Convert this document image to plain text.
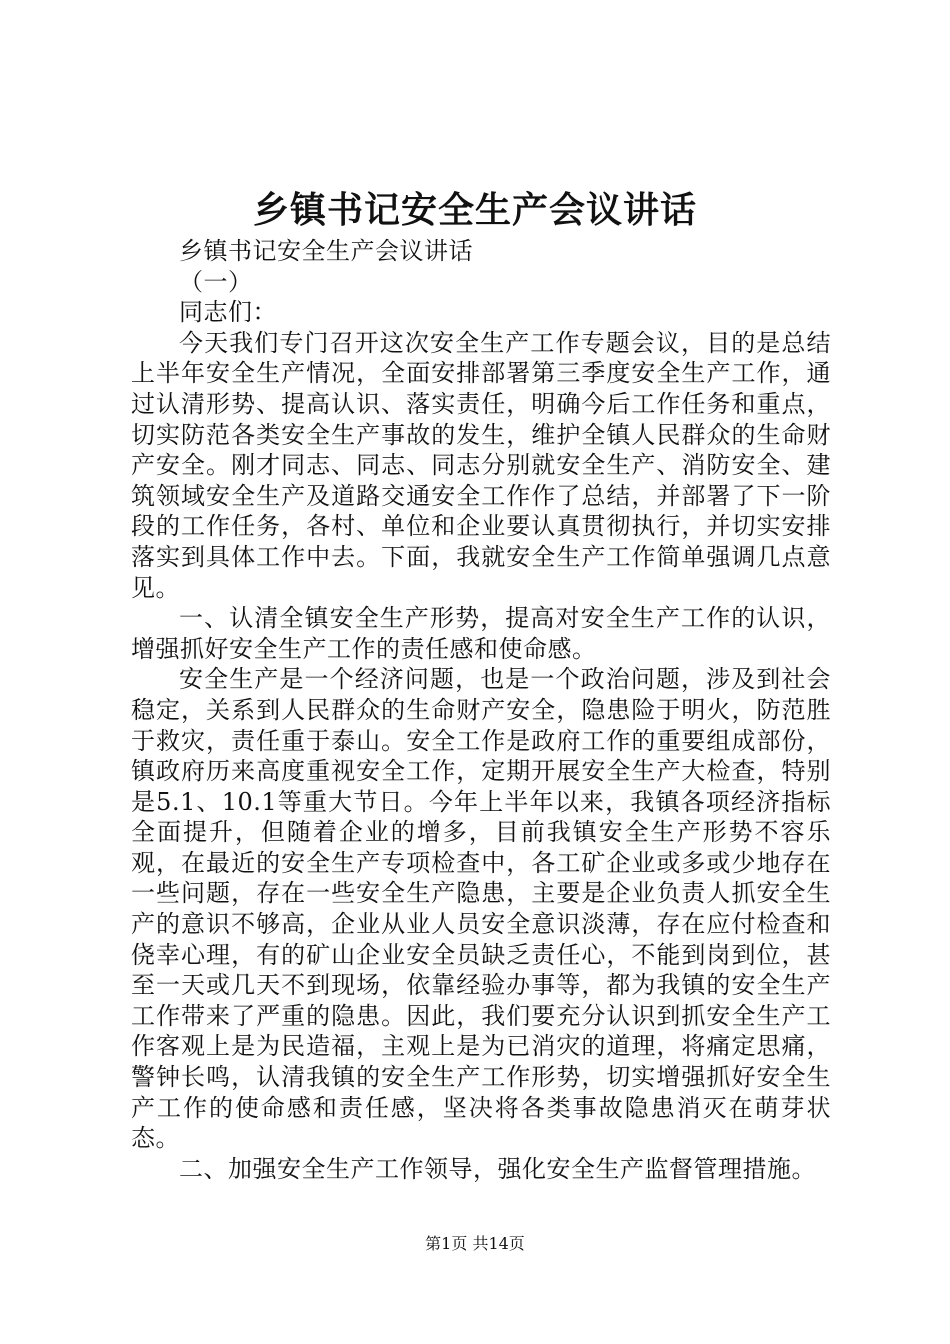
乡镇书记安全生产会议讲话

乡镇书记安全生产会议讲话

（一）

同志们：

今天我们专门召开这次安全生产工作专题会议，目的是总结上半年安全生产情况，全面安排部署第三季度安全生产工作，通过认清形势、提高认识、落实责任，明确今后工作任务和重点，切实防范各类安全生产事故的发生，维护全镇人民群众的生命财产安全。刚才同志、同志、同志分别就安全生产、消防安全、建筑领域安全生产及道路交通安全工作作了总结，并部署了下一阶段的工作任务，各村、单位和企业要认真贯彻执行，并切实安排落实到具体工作中去。下面，我就安全生产工作简单强调几点意见。

一、认清全镇安全生产形势，提高对安全生产工作的认识，增强抓好安全生产工作的责任感和使命感。

安全生产是一个经济问题，也是一个政治问题，涉及到社会稳定，关系到人民群众的生命财产安全，隐患险于明火，防范胜于救灾，责任重于泰山。安全工作是政府工作的重要组成部份，镇政府历来高度重视安全工作，定期开展安全生产大检查，特别是5.1、10.1等重大节日。今年上半年以来，我镇各项经济指标全面提升，但随着企业的增多，目前我镇安全生产形势不容乐观，在最近的安全生产专项检查中，各工矿企业或多或少地存在一些问题，存在一些安全生产隐患，主要是企业负责人抓安全生产的意识不够高，企业从业人员安全意识淡薄，存在应付检查和侥幸心理，有的矿山企业安全员缺乏责任心，不能到岗到位，甚至一天或几天不到现场，依靠经验办事等，都为我镇的安全生产工作带来了严重的隐患。因此，我们要充分认识到抓安全生产工作客观上是为民造福，主观上是为已消灾的道理，将痛定思痛，警钟长鸣，认清我镇的安全生产工作形势，切实增强抓好安全生产工作的使命感和责任感，坚决将各类事故隐患消灭在萌芽状态。

二、加强安全生产工作领导，强化安全生产监督管理措施。

第1页 共14页
